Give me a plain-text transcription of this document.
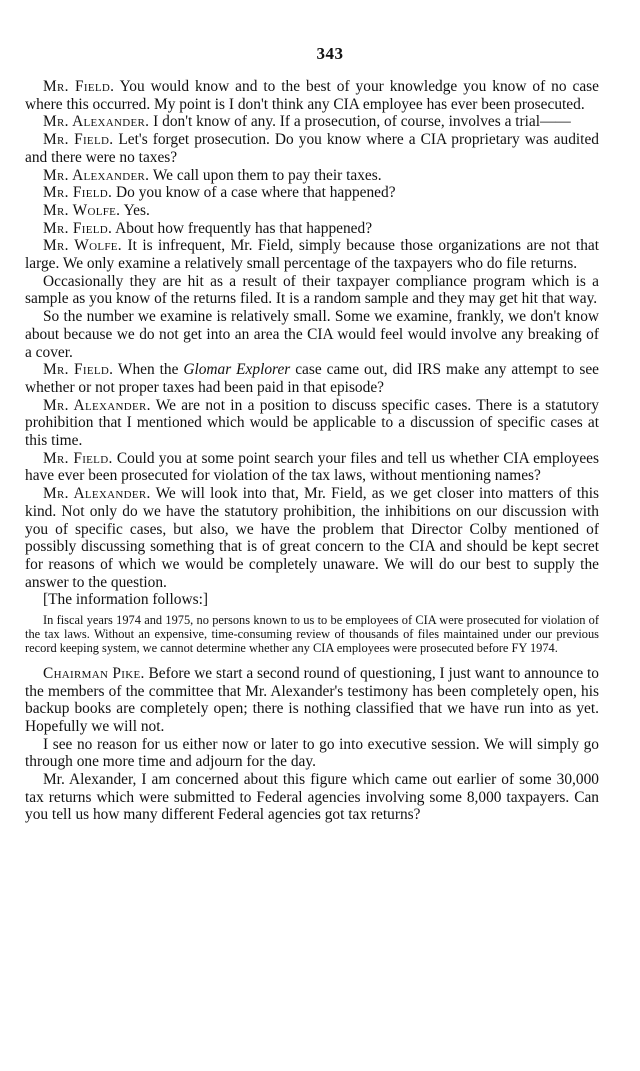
343

Mr. Field. You would know and to the best of your knowledge you know of no case where this occurred. My point is I don't think any CIA employee has ever been prosecuted.

Mr. Alexander. I don't know of any. If a prosecution, of course, involves a trial——

Mr. Field. Let's forget prosecution. Do you know where a CIA proprietary was audited and there were no taxes?

Mr. Alexander. We call upon them to pay their taxes.

Mr. Field. Do you know of a case where that happened?

Mr. Wolfe. Yes.

Mr. Field. About how frequently has that happened?

Mr. Wolfe. It is infrequent, Mr. Field, simply because those organizations are not that large. We only examine a relatively small percentage of the taxpayers who do file returns.

Occasionally they are hit as a result of their taxpayer compliance program which is a sample as you know of the returns filed. It is a random sample and they may get hit that way.

So the number we examine is relatively small. Some we examine, frankly, we don't know about because we do not get into an area the CIA would feel would involve any breaking of a cover.

Mr. Field. When the Glomar Explorer case came out, did IRS make any attempt to see whether or not proper taxes had been paid in that episode?

Mr. Alexander. We are not in a position to discuss specific cases. There is a statutory prohibition that I mentioned which would be applicable to a discussion of specific cases at this time.

Mr. Field. Could you at some point search your files and tell us whether CIA employees have ever been prosecuted for violation of the tax laws, without mentioning names?

Mr. Alexander. We will look into that, Mr. Field, as we get closer into matters of this kind. Not only do we have the statutory prohibition, the inhibitions on our discussion with you of specific cases, but also, we have the problem that Director Colby mentioned of possibly discussing something that is of great concern to the CIA and should be kept secret for reasons of which we would be completely unaware. We will do our best to supply the answer to the question.

[The information follows:]

In fiscal years 1974 and 1975, no persons known to us to be employees of CIA were prosecuted for violation of the tax laws. Without an expensive, time-consuming review of thousands of files maintained under our previous record keeping system, we cannot determine whether any CIA employees were prosecuted before FY 1974.

Chairman Pike. Before we start a second round of questioning, I just want to announce to the members of the committee that Mr. Alexander's testimony has been completely open, his backup books are completely open; there is nothing classified that we have run into as yet. Hopefully we will not.

I see no reason for us either now or later to go into executive session. We will simply go through one more time and adjourn for the day.

Mr. Alexander, I am concerned about this figure which came out earlier of some 30,000 tax returns which were submitted to Federal agencies involving some 8,000 taxpayers. Can you tell us how many different Federal agencies got tax returns?
